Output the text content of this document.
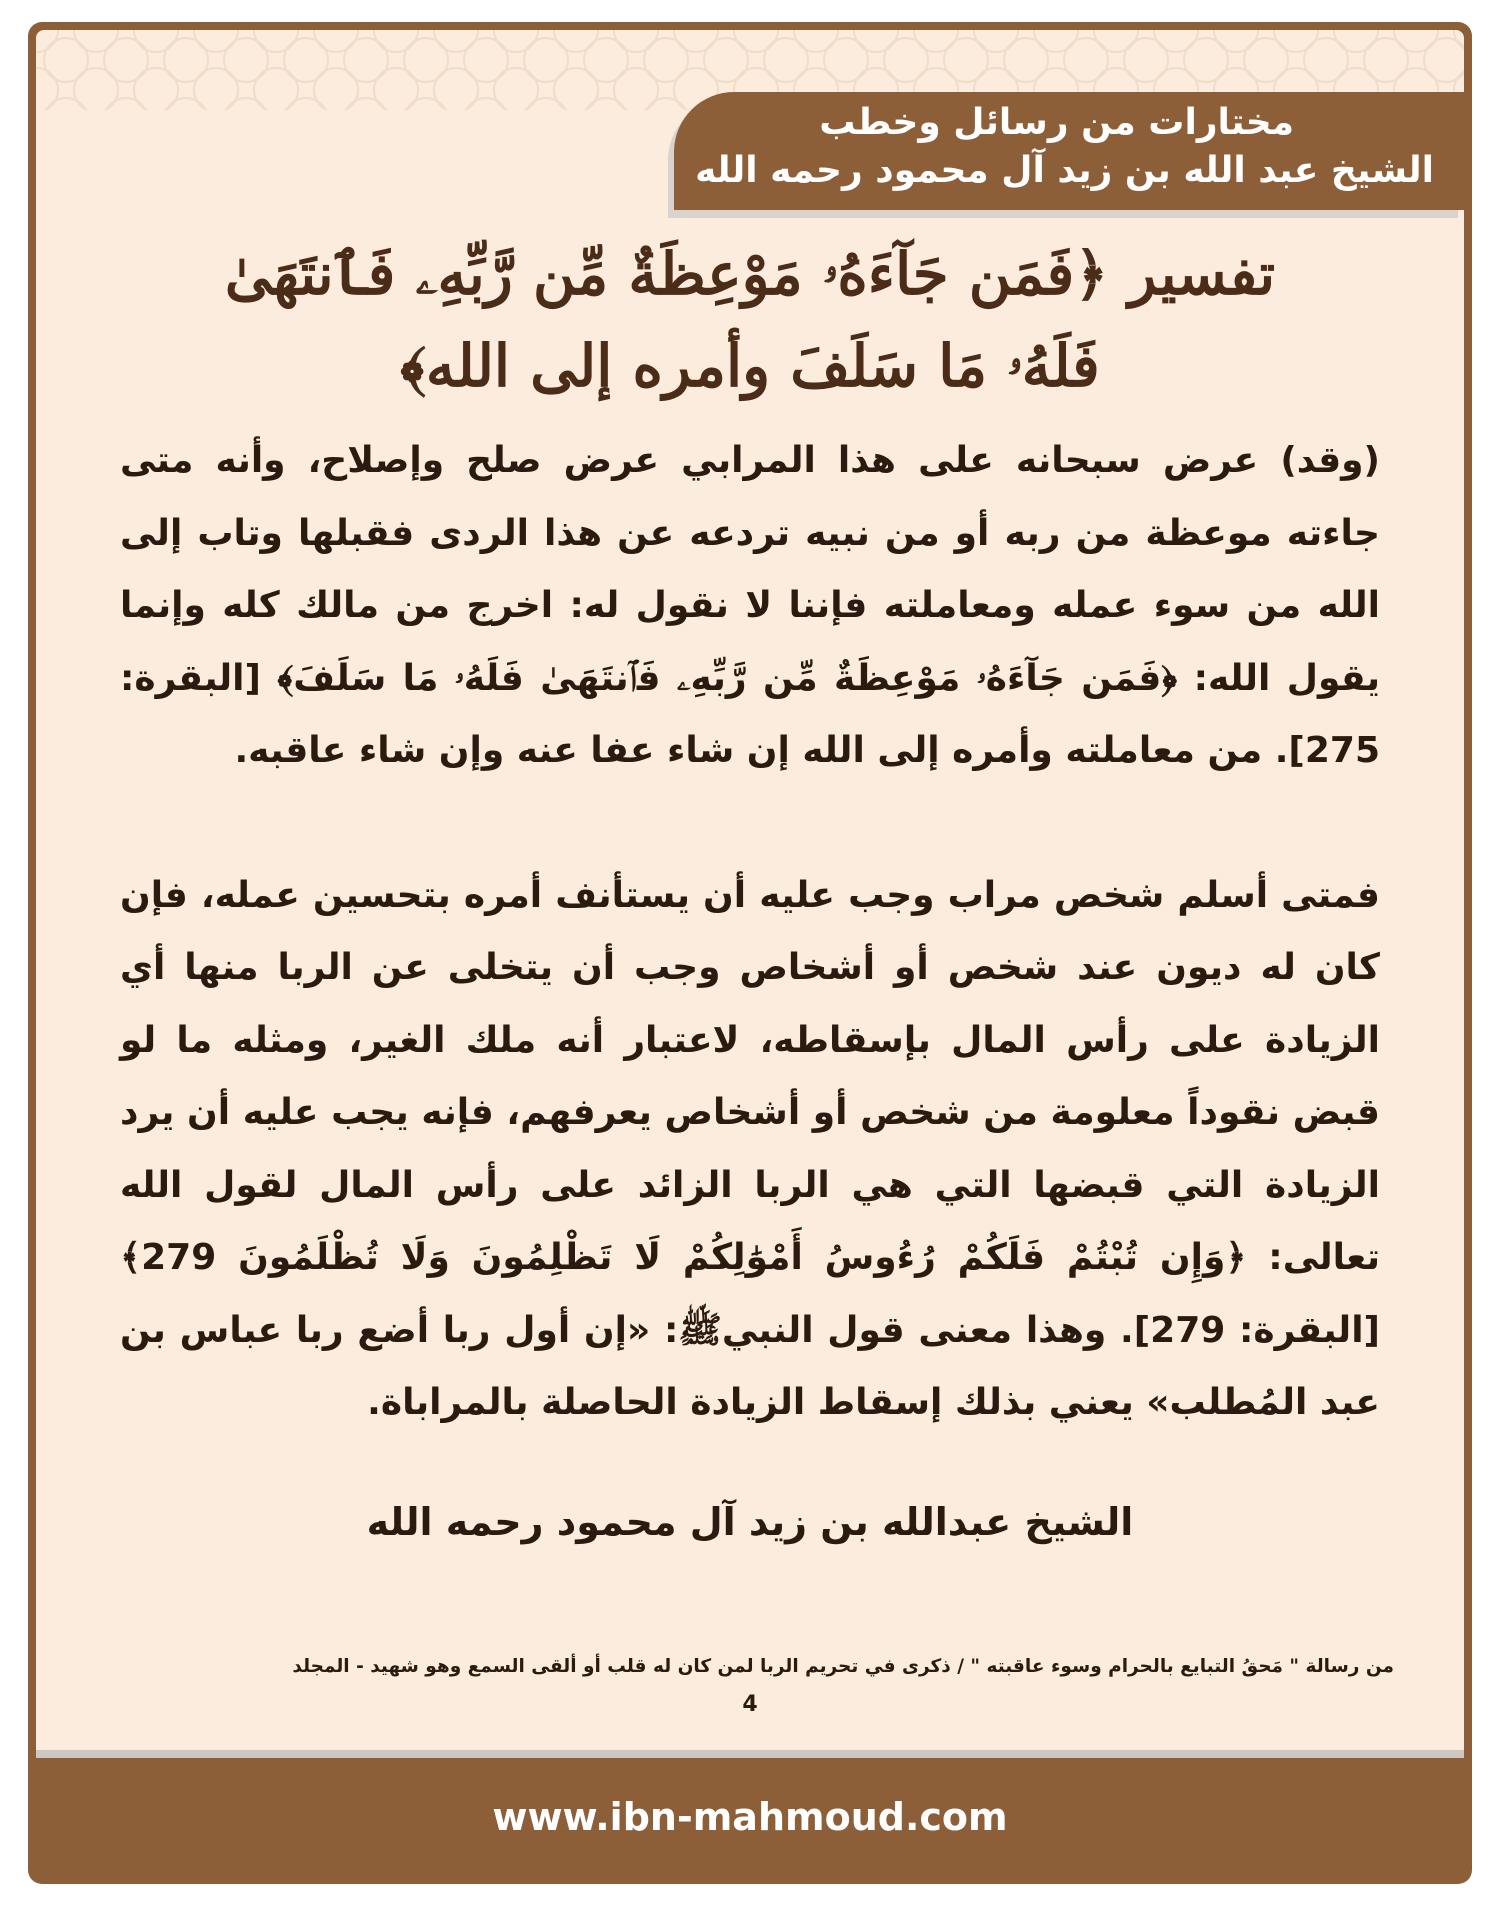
مختارات من رسائل وخطب
الشيخ عبد الله بن زيد آل محمود رحمه الله
تفسير ﴿فَمَن جَآءَهُۥ مَوْعِظَةٌ مِّن رَّبِّهِۦ فَٱنتَهَىٰ
فَلَهُۥ مَا سَلَفَ وأمره إلى الله﴾

(وقد) عرض سبحانه على هذا المرابي عرض صلح وإصلاح، وأنه متى جاءته موعظة من ربه أو من نبيه تردعه عن هذا الردى فقبلها وتاب إلى الله من سوء عمله ومعاملته فإننا لا نقول له: اخرج من مالك كله وإنما يقول الله: ﴿فَمَن جَآءَهُۥ مَوْعِظَةٌ مِّن رَّبِّهِۦ فَٱنتَهَىٰ فَلَهُۥ مَا سَلَفَ﴾ [البقرة: 275]. من معاملته وأمره إلى الله إن شاء عفا عنه وإن شاء عاقبه.

فمتى أسلم شخص مراب وجب عليه أن يستأنف أمره بتحسين عمله، فإن كان له ديون عند شخص أو أشخاص وجب أن يتخلى عن الربا منها أي الزيادة على رأس المال بإسقاطه، لاعتبار أنه ملك الغير، ومثله ما لو قبض نقوداً معلومة من شخص أو أشخاص يعرفهم، فإنه يجب عليه أن يرد الزيادة التي قبضها التي هي الربا الزائد على رأس المال لقول الله تعالى: ﴿وَإِن تُبْتُمْ فَلَكُمْ رُءُوسُ أَمْوَٰلِكُمْ لَا تَظْلِمُونَ وَلَا تُظْلَمُونَ 279﴾ [البقرة: 279]. وهذا معنى قول النبيﷺ: «إن أول ربا أضع ربا عباس بن عبد المُطلب» يعني بذلك إسقاط الزيادة الحاصلة بالمراباة.

الشيخ عبدالله بن زيد آل محمود رحمه الله
من رسالة " مَحقُ التبايع بالحرام وسوء عاقبته " / ذكرى في تحريم الربا لمن كان له قلب أو ألقى السمع وهو شهيد - المجلد
4
www.ibn-mahmoud.com
